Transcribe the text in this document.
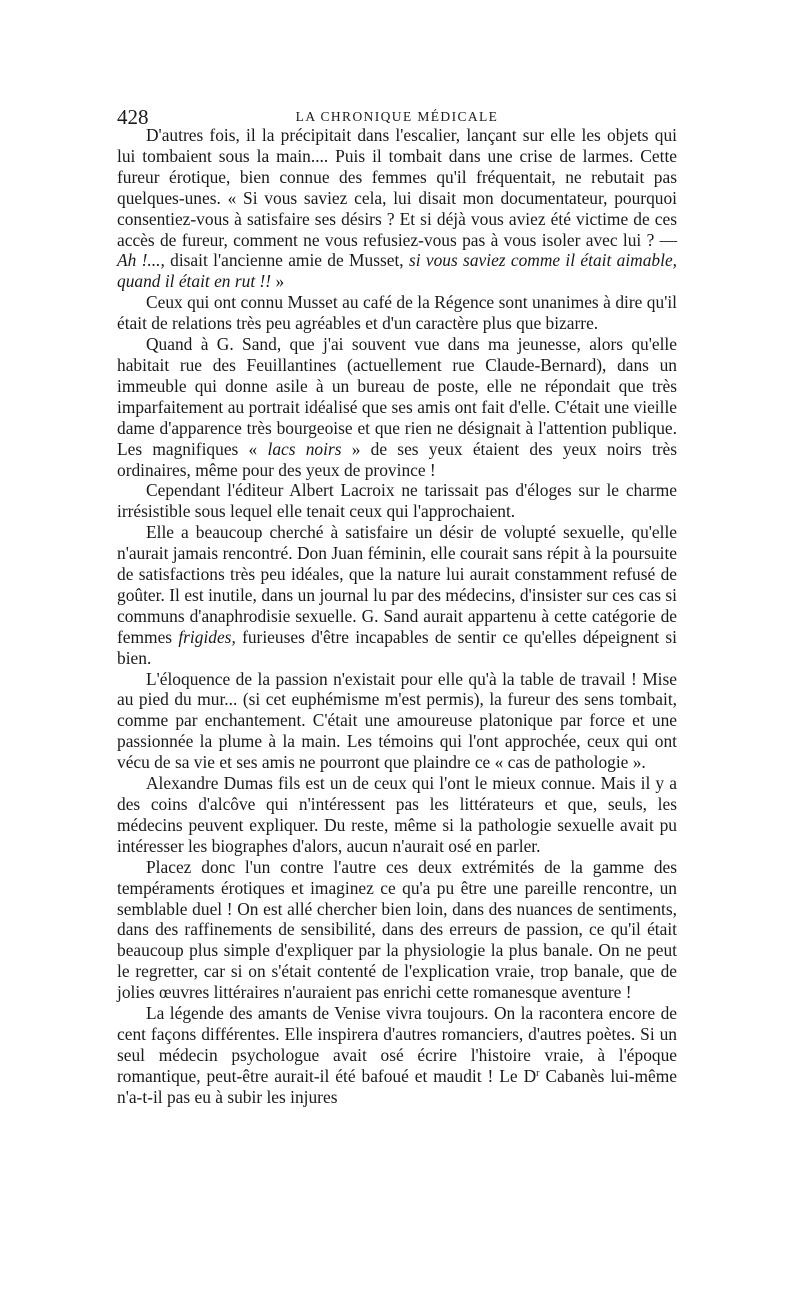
428	LA CHRONIQUE MÉDICALE

D'autres fois, il la précipitait dans l'escalier, lançant sur elle les objets qui lui tombaient sous la main.... Puis il tombait dans une crise de larmes. Cette fureur érotique, bien connue des femmes qu'il fréquentait, ne rebutait pas quelques-unes. « Si vous saviez cela, lui disait mon documentateur, pourquoi consentiez-vous à satisfaire ses désirs ? Et si déjà vous aviez été victime de ces accès de fureur, comment ne vous refusiez-vous pas à vous isoler avec lui ? — Ah !..., disait l'ancienne amie de Musset, si vous saviez comme il était aimable, quand il était en rut !! »

Ceux qui ont connu Musset au café de la Régence sont unanimes à dire qu'il était de relations très peu agréables et d'un caractère plus que bizarre.

Quand à G. Sand, que j'ai souvent vue dans ma jeunesse, alors qu'elle habitait rue des Feuillantines (actuellement rue Claude-Bernard), dans un immeuble qui donne asile à un bureau de poste, elle ne répondait que très imparfaitement au portrait idéalisé que ses amis ont fait d'elle. C'était une vieille dame d'apparence très bourgeoise et que rien ne désignait à l'attention publique. Les magnifiques « lacs noirs » de ses yeux étaient des yeux noirs très ordinaires, même pour des yeux de province !

Cependant l'éditeur Albert Lacroix ne tarissait pas d'éloges sur le charme irrésistible sous lequel elle tenait ceux qui l'approchaient.

Elle a beaucoup cherché à satisfaire un désir de volupté sexuelle, qu'elle n'aurait jamais rencontré. Don Juan féminin, elle courait sans répit à la poursuite de satisfactions très peu idéales, que la nature lui aurait constamment refusé de goûter. Il est inutile, dans un journal lu par des médecins, d'insister sur ces cas si communs d'anaphrodisie sexuelle. G. Sand aurait appartenu à cette catégorie de femmes frigides, furieuses d'être incapables de sentir ce qu'elles dépeignent si bien.

L'éloquence de la passion n'existait pour elle qu'à la table de travail ! Mise au pied du mur... (si cet euphémisme m'est permis), la fureur des sens tombait, comme par enchantement. C'était une amoureuse platonique par force et une passionnée la plume à la main. Les témoins qui l'ont approchée, ceux qui ont vécu de sa vie et ses amis ne pourront que plaindre ce « cas de pathologie ».

Alexandre Dumas fils est un de ceux qui l'ont le mieux connue. Mais il y a des coins d'alcôve qui n'intéressent pas les littérateurs et que, seuls, les médecins peuvent expliquer. Du reste, même si la pathologie sexuelle avait pu intéresser les biographes d'alors, aucun n'aurait osé en parler.

Placez donc l'un contre l'autre ces deux extrémités de la gamme des tempéraments érotiques et imaginez ce qu'a pu être une pareille rencontre, un semblable duel ! On est allé chercher bien loin, dans des nuances de sentiments, dans des raffinements de sensibilité, dans des erreurs de passion, ce qu'il était beaucoup plus simple d'expliquer par la physiologie la plus banale. On ne peut le regretter, car si on s'était contenté de l'explication vraie, trop banale, que de jolies œuvres littéraires n'auraient pas enrichi cette romanesque aventure !

La légende des amants de Venise vivra toujours. On la racontera encore de cent façons différentes. Elle inspirera d'autres romanciers, d'autres poètes. Si un seul médecin psychologue avait osé écrire l'histoire vraie, à l'époque romantique, peut-être aurait-il été bafoué et maudit ! Le $D^r$ Cabanès lui-même n'a-t-il pas eu à subir les injures
